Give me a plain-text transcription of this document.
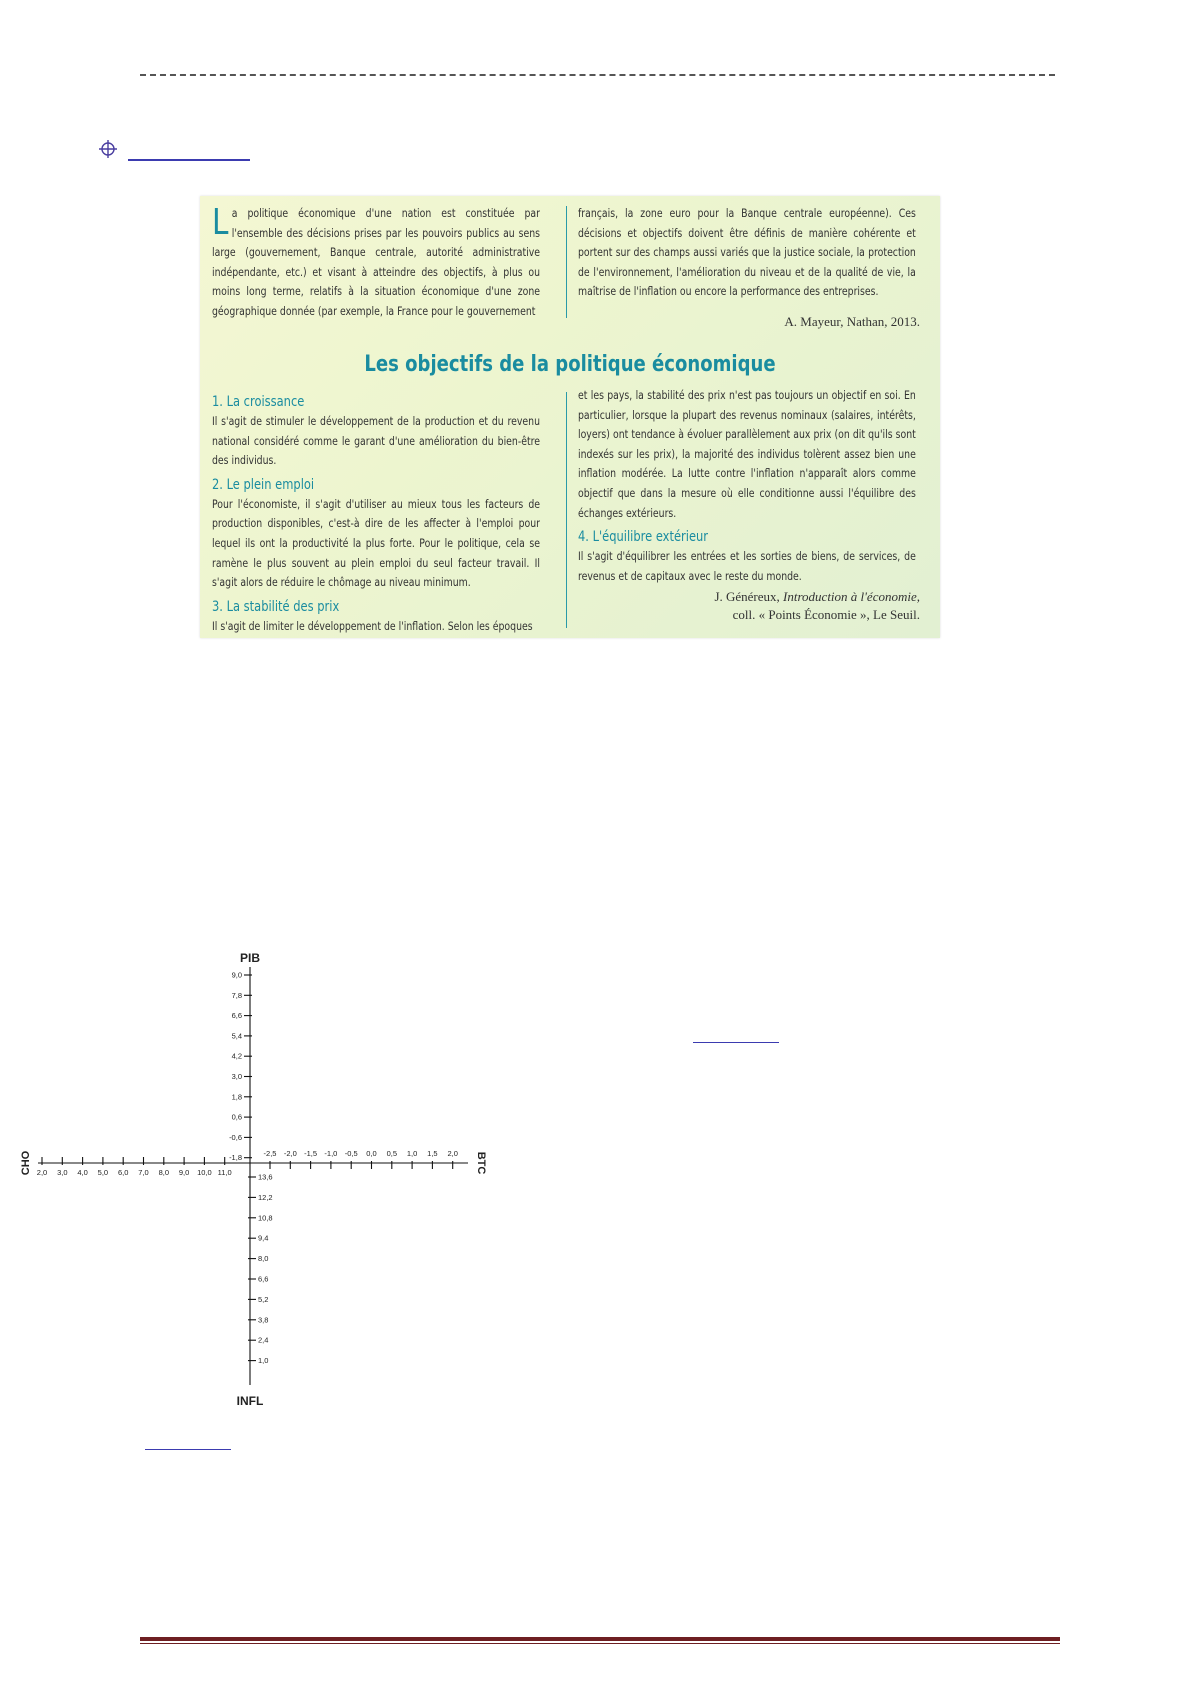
La politique économique d'une nation est constituée par l'ensemble des décisions prises par les pouvoirs publics au sens large (gouvernement, Banque centrale, autorité administrative indépendante, etc.) et visant à atteindre des objectifs, à plus ou moins long terme, relatifs à la situation économique d'une zone géographique donnée (par exemple, la France pour le gouvernement
français, la zone euro pour la Banque centrale européenne). Ces décisions et objectifs doivent être définis de manière cohérente et portent sur des champs aussi variés que la justice sociale, la protection de l'environnement, l'amélioration du niveau et de la qualité de vie, la maîtrise de l'inflation ou encore la performance des entreprises.
A. Mayeur, Nathan, 2013.
Les objectifs de la politique économique
1. La croissance
Il s'agit de stimuler le développement de la production et du revenu national considéré comme le garant d'une amélioration du bien-être des individus.
2. Le plein emploi
Pour l'économiste, il s'agit d'utiliser au mieux tous les facteurs de production disponibles, c'est-à dire de les affecter à l'emploi pour lequel ils ont la productivité la plus forte. Pour le politique, cela se ramène le plus souvent au plein emploi du seul facteur travail. Il s'agit alors de réduire le chômage au niveau minimum.
3. La stabilité des prix
Il s'agit de limiter le développement de l'inflation. Selon les époques
et les pays, la stabilité des prix n'est pas toujours un objectif en soi. En particulier, lorsque la plupart des revenus nominaux (salaires, intérêts, loyers) ont tendance à évoluer parallèlement aux prix (on dit qu'ils sont indexés sur les prix), la majorité des individus tolèrent assez bien une inflation modérée. La lutte contre l'inflation n'apparaît alors comme objectif que dans la mesure où elle conditionne aussi l'équilibre des échanges extérieurs.
4. L'équilibre extérieur
Il s'agit d'équilibrer les entrées et les sorties de biens, de services, de revenus et de capitaux avec le reste du monde.
J. Généreux, Introduction à l'économie,
coll. « Points Économie », Le Seuil.
9,0
7,8
6,6
5,4
4,2
3,0
1,8
0,6
-0,6
-1,8
PIB
13,6
12,2
10,8
9,4
8,0
6,6
5,2
3,8
2,4
1,0
INFL
2,0 3,0 4,0 5,0 6,0 7,0 8,0 9,0 10,0 11,0
CHO	-2,5 -2,0 -1,5 -1,0 -0,5 0,0 0,5 1,0 1,5 2,0 BTC
